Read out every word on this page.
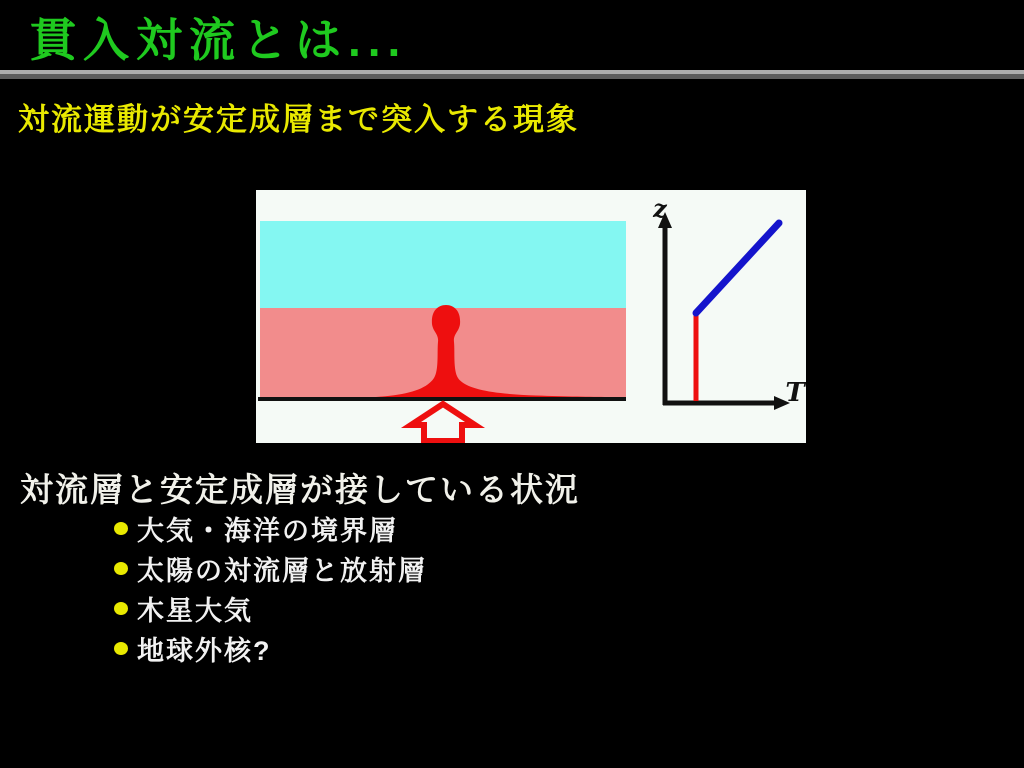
貫入対流とは...
対流運動が安定成層まで突入する現象
z
T
対流層と安定成層が接している状況
大気・海洋の境界層
太陽の対流層と放射層
木星大気
地球外核?
